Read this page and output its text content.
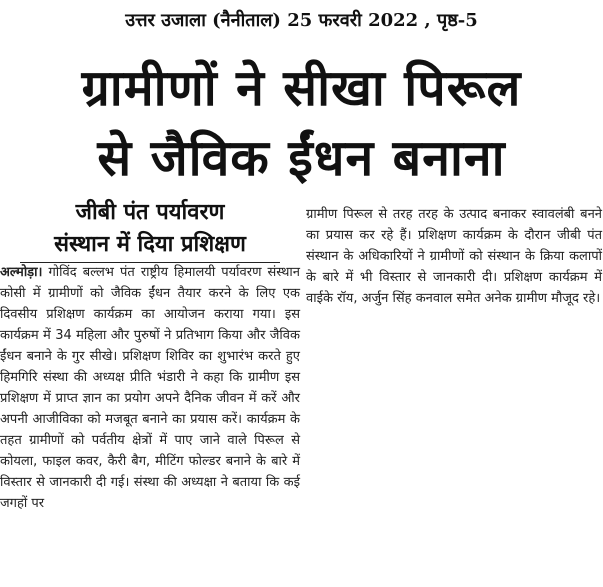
उत्तर उजाला (नैनीताल) 25 फरवरी 2022 , पृष्ठ-5
ग्रामीणों ने सीखा पिरूल
से जैविक ईंधन बनाना
जीबी पंत पर्यावरण
संस्थान में दिया प्रशिक्षण

अल्मोड़ा। गोविंद बल्लभ पंत राष्ट्रीय हिमालयी पर्यावरण संस्थान कोसी में ग्रामीणों को जैविक ईंधन तैयार करने के लिए एक दिवसीय प्रशिक्षण कार्यक्रम का आयोजन कराया गया। इस कार्यक्रम में 34 महिला और पुरुषों ने प्रतिभाग किया और जैविक ईंधन बनाने के गुर सीखे। प्रशिक्षण शिविर का शुभारंभ करते हुए हिमगिरि संस्था की अध्यक्ष प्रीति भंडारी ने कहा कि ग्रामीण इस प्रशिक्षण में प्राप्त ज्ञान का प्रयोग अपने दैनिक जीवन में करें और अपनी आजीविका को मजबूत बनाने का प्रयास करें। कार्यक्रम के तहत ग्रामीणों को पर्वतीय क्षेत्रों में पाए जाने वाले पिरूल से कोयला, फाइल कवर, कैरी बैग, मीटिंग फोल्डर बनाने के बारे में विस्तार से जानकारी दी गई। संस्था की अध्यक्षा ने बताया कि कई जगहों पर

ग्रामीण पिरूल से तरह तरह के उत्पाद बनाकर स्वावलंबी बनने का प्रयास कर रहे हैं। प्रशिक्षण कार्यक्रम के दौरान जीबी पंत संस्थान के अधिकारियों ने ग्रामीणों को संस्थान के क्रिया कलापों के बारे में भी विस्तार से जानकारी दी। प्रशिक्षण कार्यक्रम में वाईके रॉय, अर्जुन सिंह कनवाल समेत अनेक ग्रामीण मौजूद रहे।
